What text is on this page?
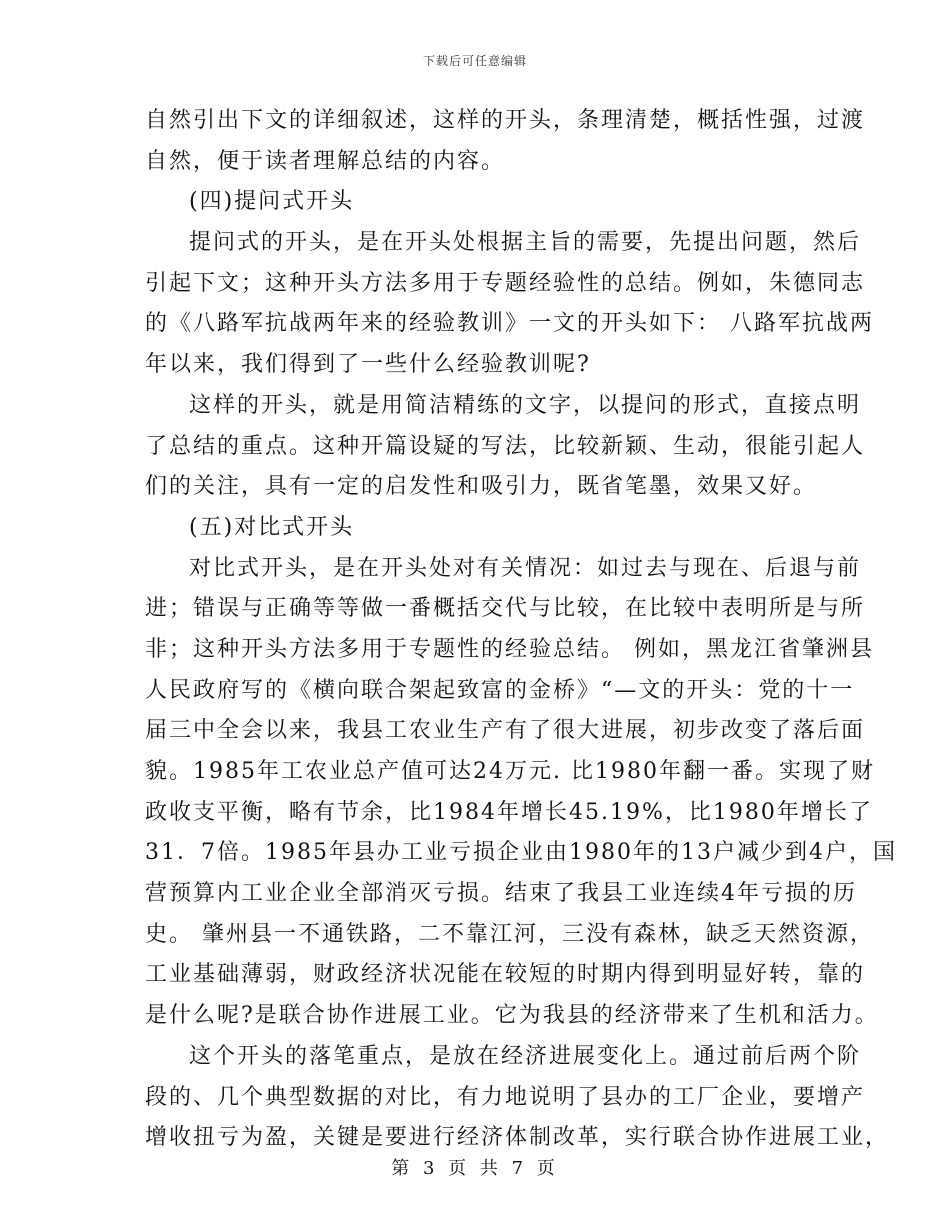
下载后可任意编辑
自然引出下文的详细叙述，这样的开头，条理清楚，概括性强，过渡
自然，便于读者理解总结的内容。
(四)提问式开头
提问式的开头，是在开头处根据主旨的需要，先提出问题，然后
引起下文；这种开头方法多用于专题经验性的总结。例如，朱德同志
的《八路军抗战两年来的经验教训》一文的开头如下： 八路军抗战两
年以来，我们得到了一些什么经验教训呢?
这样的开头，就是用简洁精练的文字，以提问的形式，直接点明
了总结的重点。这种开篇设疑的写法，比较新颖、生动，很能引起人
们的关注，具有一定的启发性和吸引力，既省笔墨，效果又好。
(五)对比式开头
对比式开头，是在开头处对有关情况：如过去与现在、后退与前
进；错误与正确等等做一番概括交代与比较，在比较中表明所是与所
非；这种开头方法多用于专题性的经验总结。 例如，黑龙江省肇洲县
人民政府写的《横向联合架起致富的金桥》“—文的开头：党的十一
届三中全会以来，我县工农业生产有了很大进展，初步改变了落后面
貌。1985年工农业总产值可达24万元. 比1980年翻一番。实现了财
政收支平衡，略有节余，比1984年增长45.19%，比1980年增长了
31．7倍。1985年县办工业亏损企业由1980年的13户减少到4户，国
营预算内工业企业全部消灭亏损。结束了我县工业连续4年亏损的历
史。 肇州县一不通铁路，二不靠江河，三没有森林，缺乏天然资源，
工业基础薄弱，财政经济状况能在较短的时期内得到明显好转，靠的
是什么呢?是联合协作进展工业。它为我县的经济带来了生机和活力。
这个开头的落笔重点，是放在经济进展变化上。通过前后两个阶
段的、几个典型数据的对比，有力地说明了县办的工厂企业，要增产
增收扭亏为盈，关键是要进行经济体制改革，实行联合协作进展工业，
第 3 页 共 7 页
